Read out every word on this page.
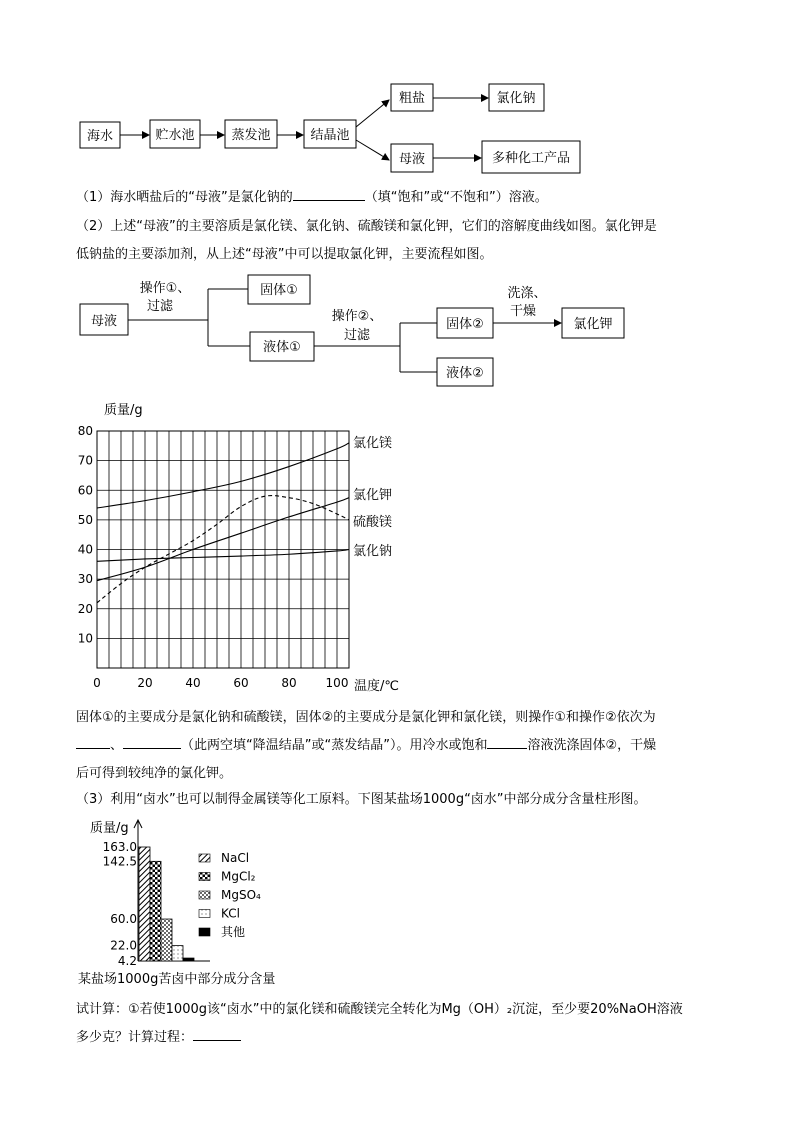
海水	贮水池	蒸发池	结晶池
粗盐	氯化钠
母液	多种化工产品
（1）海水晒盐后的“母液”是氯化钠的	（填“饱和”或“不饱和”）溶液。
（2）上述“母液”的主要溶质是氯化镁、氯化钠、硫酸镁和氯化钾，它们的溶解度曲线如图。氯化钾是
低钠盐的主要添加剂，从上述“母液”中可以提取氯化钾，主要流程如图。
母液
操作①、
过滤
固体①
液体①
操作②、
过滤
固体②
液体②
洗涤、
干燥
氯化钾
10
20
30
40
50
60
70
80
0	20	40	60	80 100
氯化镁
氯化钾
硫酸镁
氯化钠
质量/g
温度/℃
固体①的主要成分是氯化钠和硫酸镁，固体②的主要成分是氯化钾和氯化镁，则操作①和操作②依次为
、	（此两空填“降温结晶”或“蒸发结晶”）。用冷水或饱和	溶液洗涤固体②，干燥
后可得到较纯净的氯化钾。
（3）利用“卤水”也可以制得金属镁等化工原料。下图某盐场1000g“卤水”中部分成分含量柱形图。
质量/g
163.0
142.5
60.0
22.0
4.2
NaCl
MgCl₂
MgSO₄
KCl
其他
某盐场1000g苦卤中部分成分含量
试计算：①若使1000g该“卤水”中的氯化镁和硫酸镁完全转化为Mg（OH）₂沉淀，至少要20%NaOH溶液
多少克？计算过程：
